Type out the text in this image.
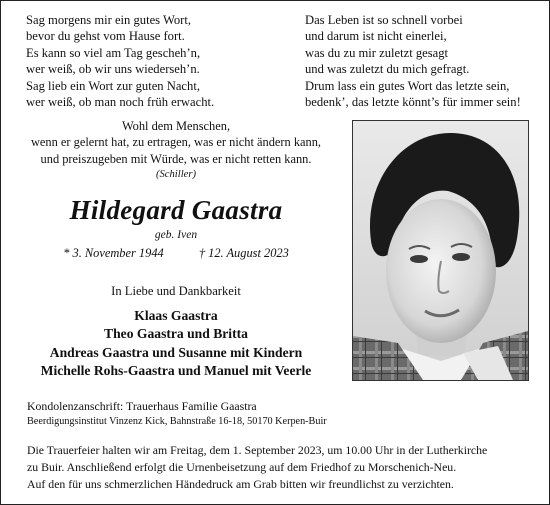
Sag morgens mir ein gutes Wort,
bevor du gehst vom Hause fort.
Es kann so viel am Tag gescheh’n,
wer weiß, ob wir uns wiederseh’n.
Sag lieb ein Wort zur guten Nacht,
wer weiß, ob man noch früh erwacht.
Das Leben ist so schnell vorbei
und darum ist nicht einerlei,
was du zu mir zuletzt gesagt
und was zuletzt du mich gefragt.
Drum lass ein gutes Wort das letzte sein,
bedenk’, das letzte könnt’s für immer sein!
Wohl dem Menschen,
wenn er gelernt hat, zu ertragen, was er nicht ändern kann,
und preiszugeben mit Würde, was er nicht retten kann.
(Schiller)
Hildegard Gaastra
geb. Iven
* 3. November 1944	† 12. August 2023
In Liebe und Dankbarkeit
Klaas Gaastra
Theo Gaastra und Britta
Andreas Gaastra und Susanne mit Kindern
Michelle Rohs-Gaastra und Manuel mit Veerle
Kondolenzanschrift: Trauerhaus Familie Gaastra
Beerdigungsinstitut Vinzenz Kick, Bahnstraße 16-18, 50170 Kerpen-Buir
Die Trauerfeier halten wir am Freitag, dem 1. September 2023, um 10.00 Uhr in der Lutherkirche
zu Buir. Anschließend erfolgt die Urnenbeisetzung auf dem Friedhof zu Morschenich-Neu.
Auf den für uns schmerzlichen Händedruck am Grab bitten wir freundlichst zu verzichten.
